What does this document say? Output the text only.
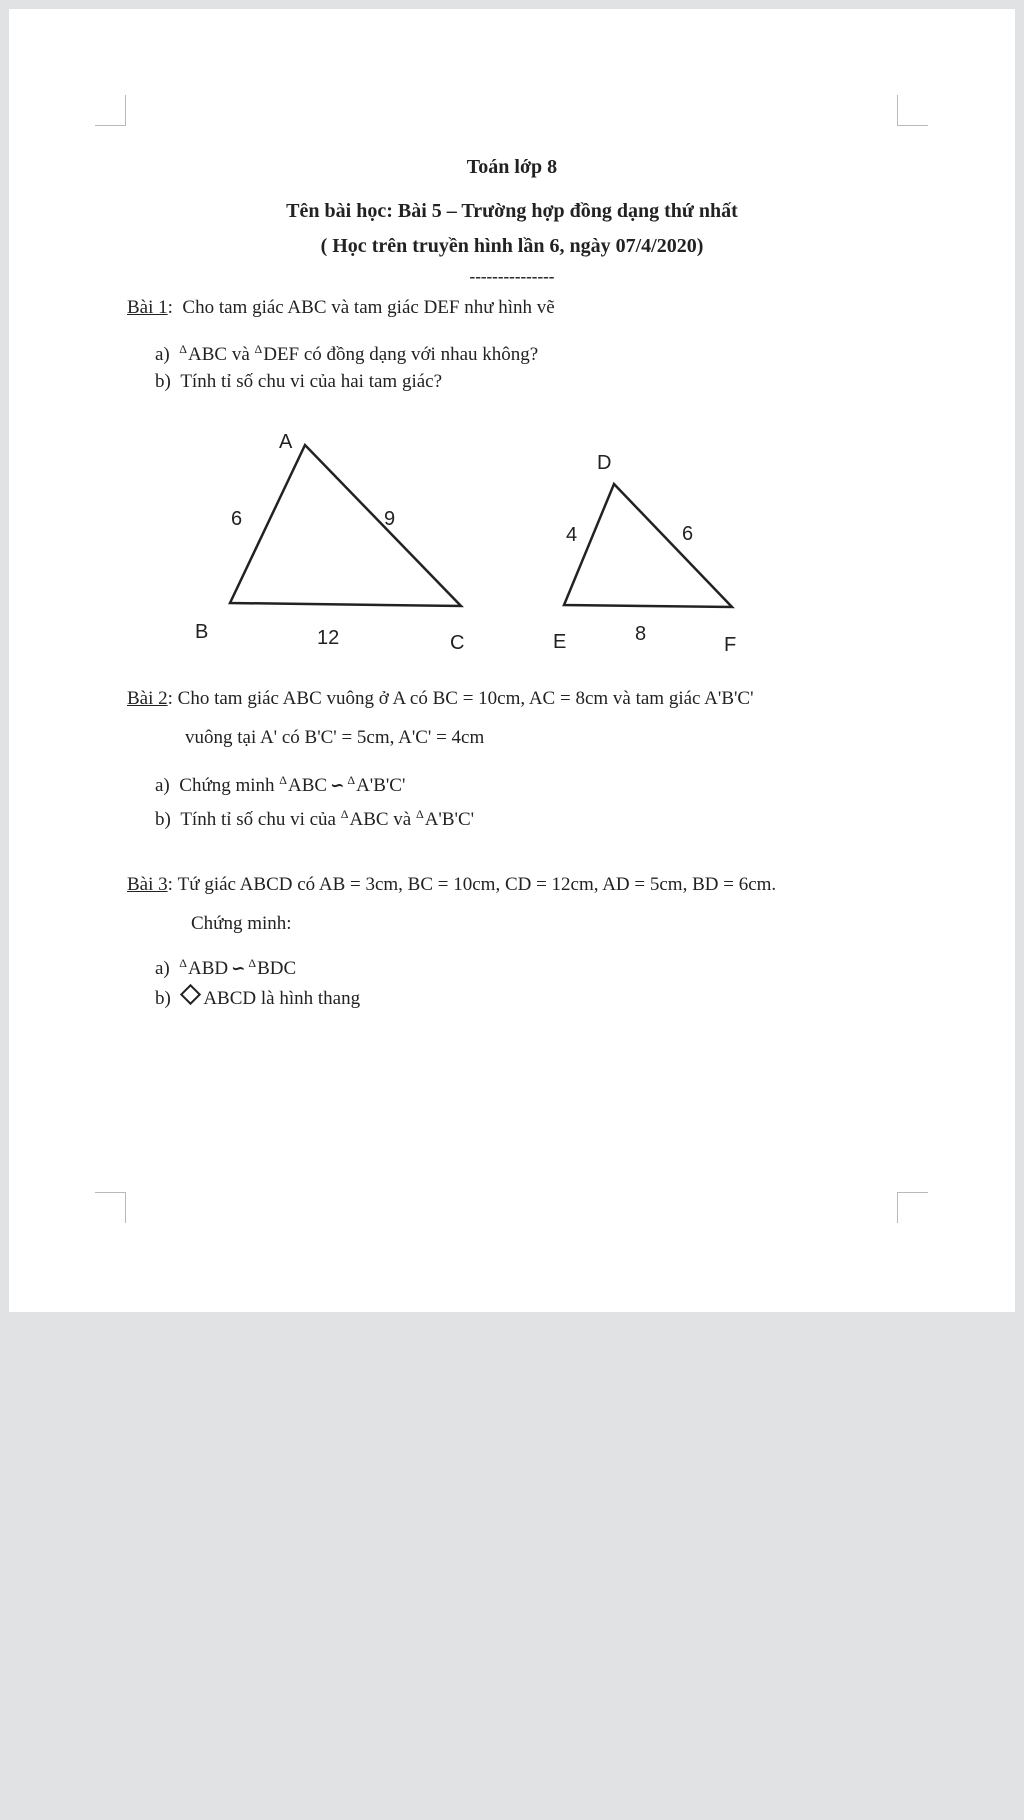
Toán lớp 8
Tên bài học: Bài 5 – Trường hợp đồng dạng thứ nhất
( Học trên truyền hình lần 6, ngày 07/4/2020)
---------------
Bài 1:  Cho tam giác ABC và tam giác DEF như hình vẽ
a) $^\Delta$ABC và $^\Delta$DEF có đồng dạng với nhau không?
b) Tính tỉ số chu vi của hai tam giác?
A
B	C
6	9
12
D
E	F
4	6
8
Bài 2: Cho tam giác ABC vuông ở A có BC = 10cm, AC = 8cm và tam giác A'B'C'
vuông tại A' có B'C' = 5cm, A'C' = 4cm
a) Chứng minh $^\Delta$ABC ∽ $^\Delta$A'B'C'
b) Tính tỉ số chu vi của $^\Delta$ABC và $^\Delta$A'B'C'
Bài 3: Tứ giác ABCD có AB = 3cm, BC = 10cm, CD = 12cm, AD = 5cm, BD = 6cm.
Chứng minh:
a) $^\Delta$ABD ∽ $^\Delta$BDC
b) ABCD là hình thang
